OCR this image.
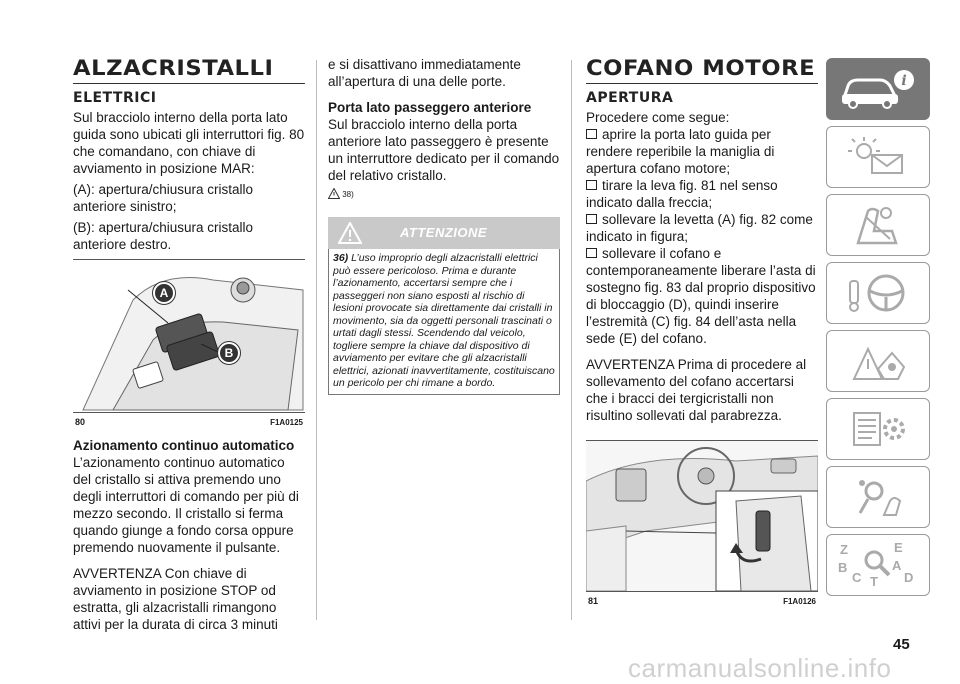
ALZACRISTALLI
ELETTRICI

Sul bracciolo interno della porta lato guida sono ubicati gli interruttori fig. 80 che comandano, con chiave di avviamento in posizione MAR:

(A): apertura/chiusura cristallo anteriore sinistro;

(B): apertura/chiusura cristallo anteriore destro.

A
B
80	F1A0125
Azionamento continuo automatico

L’azionamento continuo automatico del cristallo si attiva premendo uno degli interruttori di comando per più di mezzo secondo. Il cristallo si ferma quando giunge a fondo corsa oppure premendo nuovamente il pulsante.

AVVERTENZA Con chiave di avviamento in posizione STOP od estratta, gli alzacristalli rimangono attivi per la durata di circa 3 minuti

e si disattivano immediatamente all’apertura di una delle porte.

Porta lato passeggero anteriore

Sul bracciolo interno della porta anteriore lato passeggero è presente un interruttore dedicato per il comando del relativo cristallo.

38)
ATTENZIONE

36) L’uso improprio degli alzacristalli elettrici può essere pericoloso. Prima e durante l’azionamento, accertarsi sempre che i passeggeri non siano esposti al rischio di lesioni provocate sia direttamente dai cristalli in movimento, sia da oggetti personali trascinati o urtati dagli stessi. Scendendo dal veicolo, togliere sempre la chiave dal dispositivo di avviamento per evitare che gli alzacristalli elettrici, azionati inavvertitamente, costituiscano un pericolo per chi rimane a bordo.

COFANO MOTORE
APERTURA

Procedere come segue:

aprire la porta lato guida per rendere reperibile la maniglia di apertura cofano motore;

tirare la leva fig. 81 nel senso indicato dalla freccia;

sollevare la levetta (A) fig. 82 come indicato in figura;

sollevare il cofano e contemporaneamente liberare l’asta di sostegno fig. 83 dal proprio dispositivo di bloccaggio (D), quindi inserire l’estremità (C) fig. 84 dell’asta nella sede (E) del cofano.

AVVERTENZA Prima di procedere al sollevamento del cofano accertarsi che i bracci dei tergicristalli non risultino sollevati dal parabrezza.

81	F1A0126
i
Z	E
B	A
C T D
45
carmanualsonline.info
